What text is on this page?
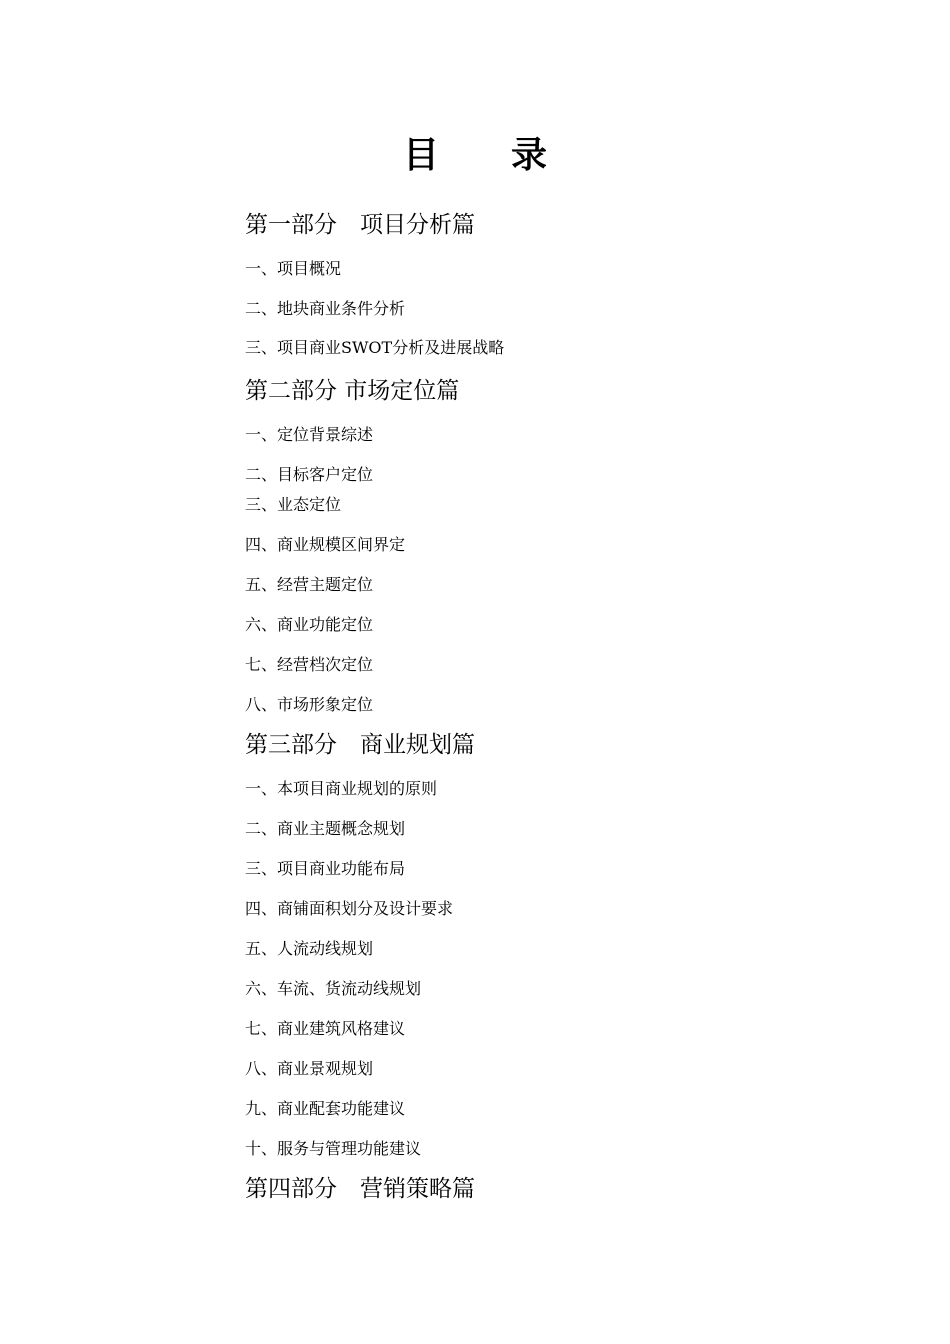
目　　录
第一部分　项目分析篇
一、项目概况
二、地块商业条件分析
三、项目商业SWOT分析及进展战略
第二部分 市场定位篇
一、定位背景综述
二、目标客户定位
三、业态定位
四、商业规模区间界定
五、经营主题定位
六、商业功能定位
七、经营档次定位
八、市场形象定位
第三部分　商业规划篇
一、本项目商业规划的原则
二、商业主题概念规划
三、项目商业功能布局
四、商铺面积划分及设计要求
五、人流动线规划
六、车流、货流动线规划
七、商业建筑风格建议
八、商业景观规划
九、商业配套功能建议
十、服务与管理功能建议
第四部分　营销策略篇
